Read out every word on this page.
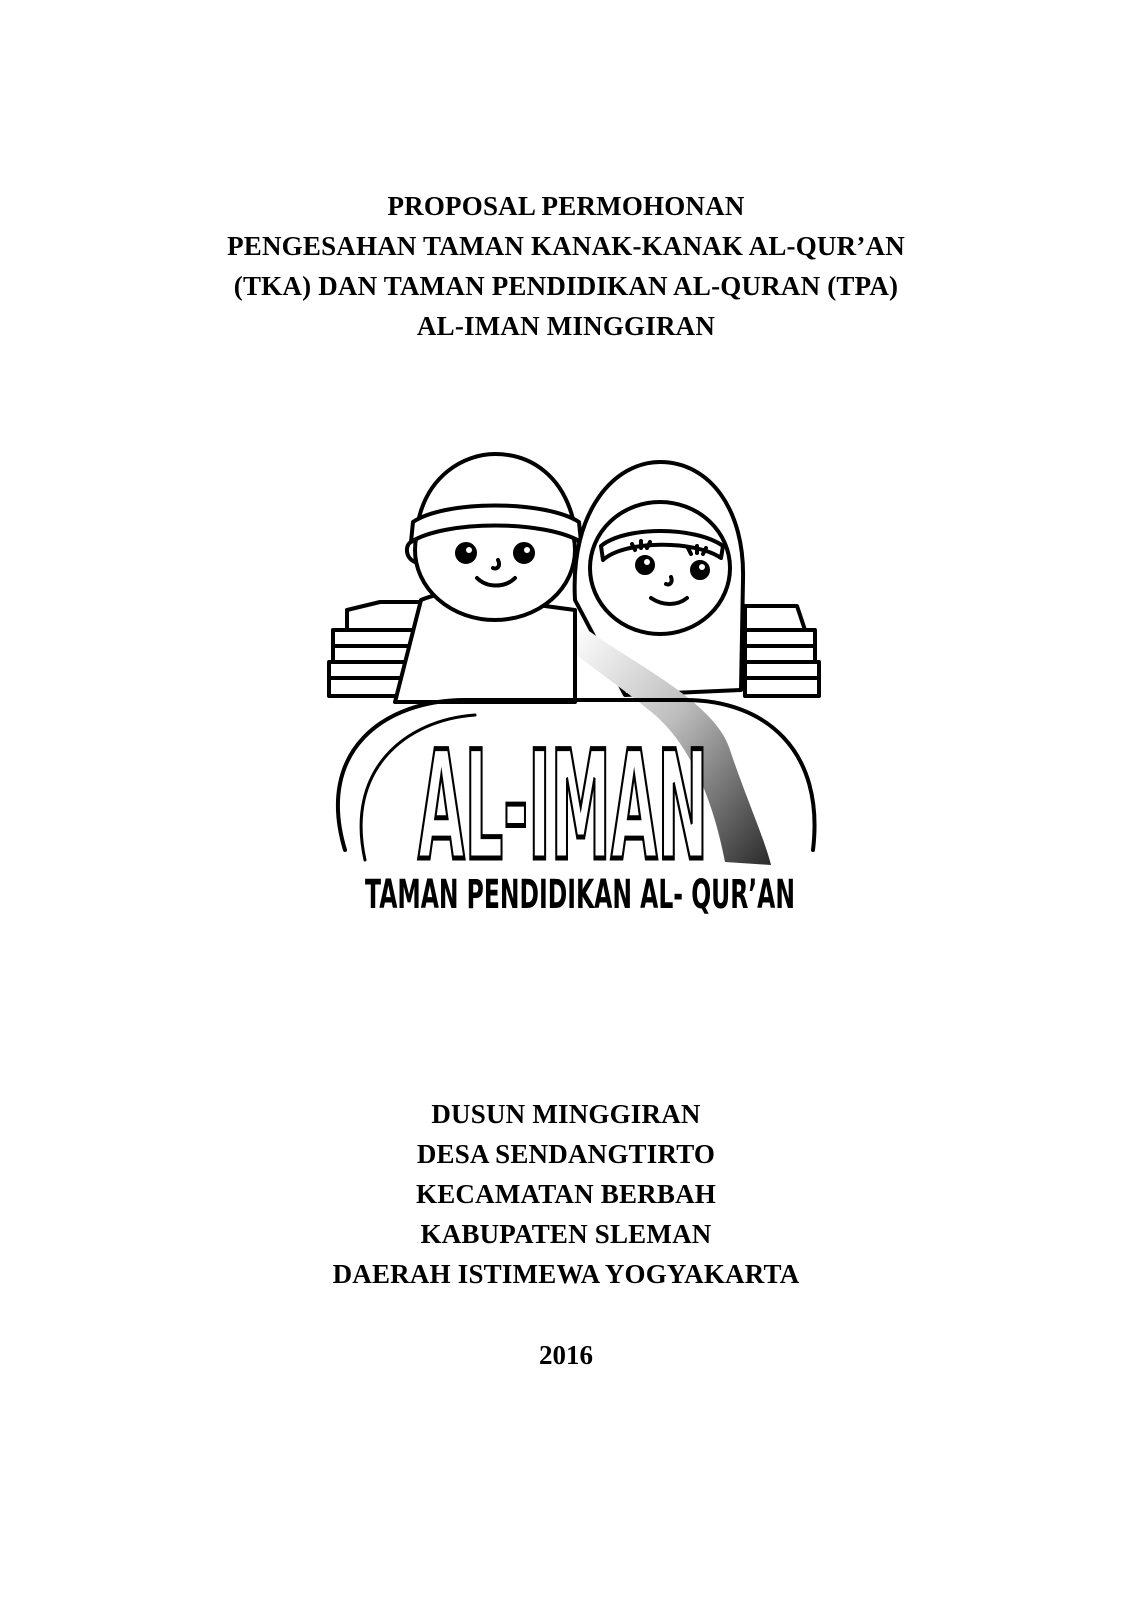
PROPOSAL PERMOHONAN
PENGESAHAN TAMAN KANAK-KANAK AL-QUR’AN
(TKA) DAN TAMAN PENDIDIKAN AL-QURAN (TPA)
AL-IMAN MINGGIRAN
AL-IMAN
TAMAN PENDIDIKAN AL- QUR’AN
DUSUN MINGGIRAN
DESA SENDANGTIRTO
KECAMATAN BERBAH
KABUPATEN SLEMAN
DAERAH ISTIMEWA YOGYAKARTA
2016
